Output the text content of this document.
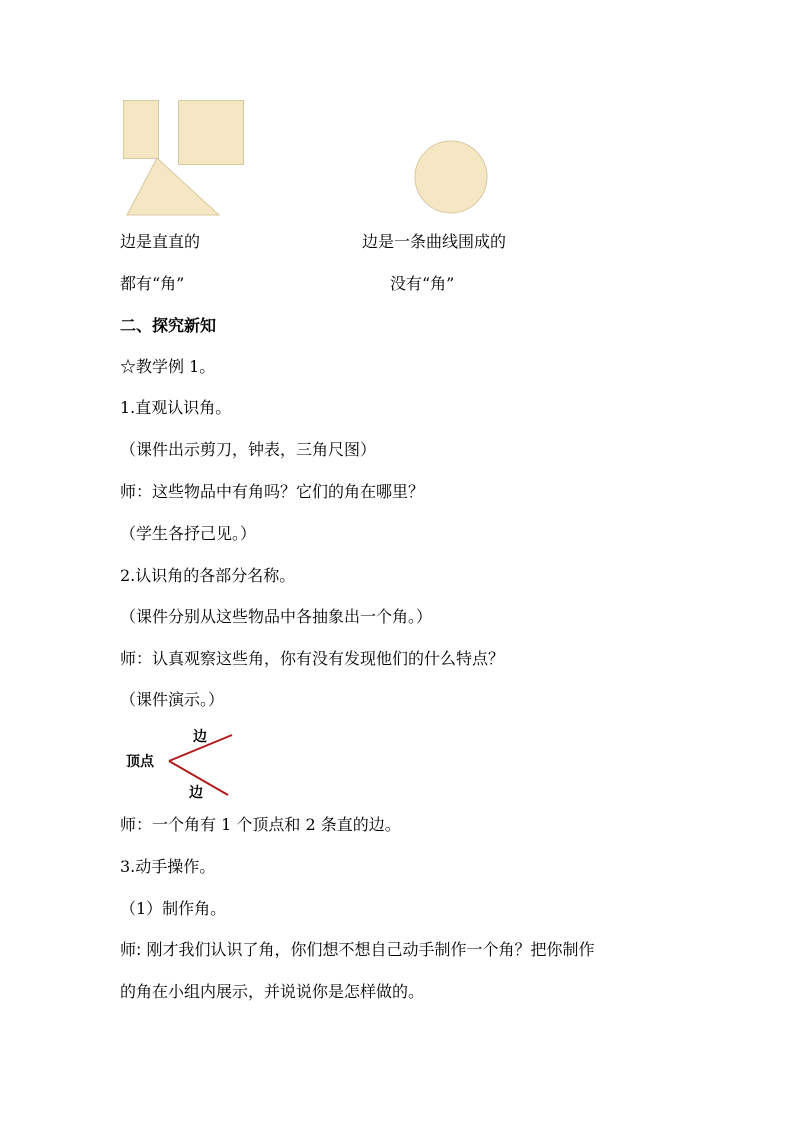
边是直直的	边是一条曲线围成的
都有“角”	没有“角”
二、探究新知
☆教学例 1。
1.直观认识角。
（课件出示剪刀，钟表，三角尺图）
师：这些物品中有角吗？它们的角在哪里？
（学生各抒己见。）
2.认识角的各部分名称。
（课件分别从这些物品中各抽象出一个角。）
师：认真观察这些角，你有没有发现他们的什么特点？
（课件演示。）
顶点
边
边
师：一个角有 1 个顶点和 2 条直的边。
3.动手操作。
（1）制作角。
师: 刚才我们认识了角，你们想不想自己动手制作一个角？把你制作
的角在小组内展示，并说说你是怎样做的。
